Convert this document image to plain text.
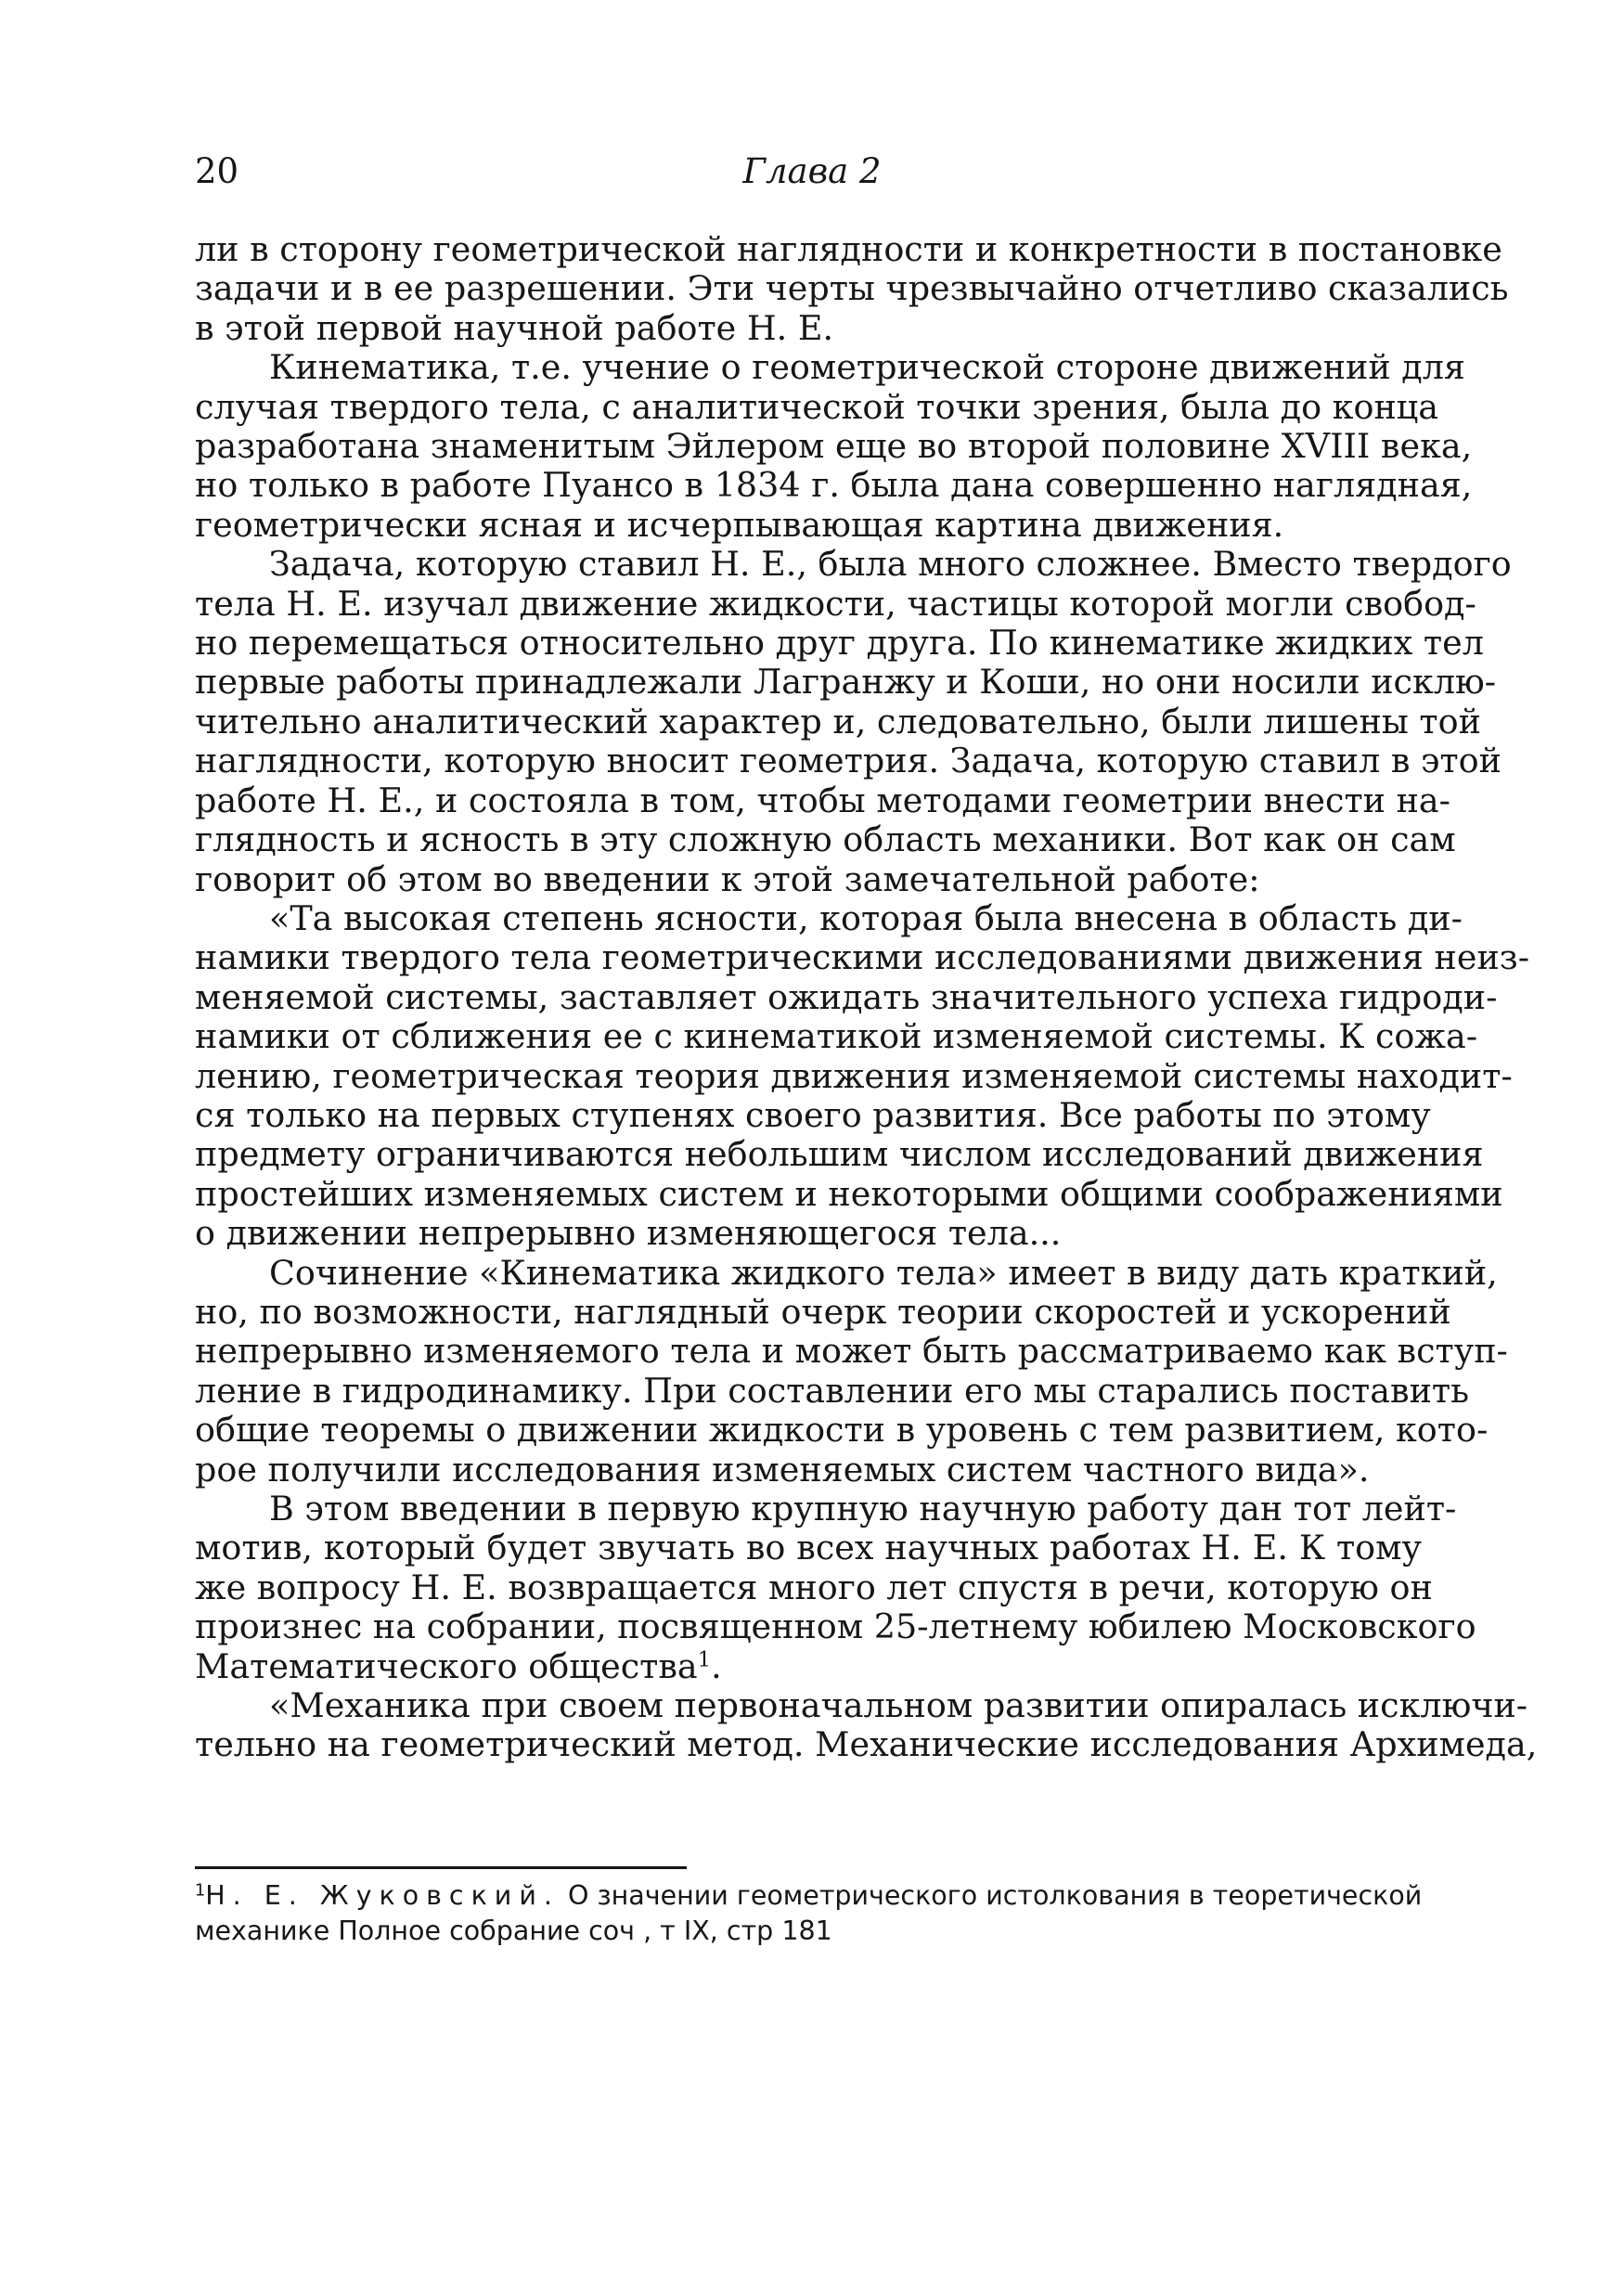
20	Глава 2

ли в сторону геометрической наглядности и конкретности в постановке
задачи и в ее разрешении. Эти черты чрезвычайно отчетливо сказались
в этой первой научной работе Н. Е.

Кинематика, т.е. учение о геометрической стороне движений для
случая твердого тела, с аналитической точки зрения, была до конца
разработана знаменитым Эйлером еще во второй половине XVIII века,
но только в работе Пуансо в 1834 г. была дана совершенно наглядная,
геометрически ясная и исчерпывающая картина движения.

Задача, которую ставил Н. Е., была много сложнее. Вместо твердого
тела Н. Е. изучал движение жидкости, частицы которой могли свобод-
но перемещаться относительно друг друга. По кинематике жидких тел
первые работы принадлежали Лагранжу и Коши, но они носили исклю-
чительно аналитический характер и, следовательно, были лишены той
наглядности, которую вносит геометрия. Задача, которую ставил в этой
работе Н. Е., и состояла в том, чтобы методами геометрии внести на-
глядность и ясность в эту сложную область механики. Вот как он сам
говорит об этом во введении к этой замечательной работе:

«Та высокая степень ясности, которая была внесена в область ди-
намики твердого тела геометрическими исследованиями движения неиз-
меняемой системы, заставляет ожидать значительного успеха гидроди-
намики от сближения ее с кинематикой изменяемой системы. К сожа-
лению, геометрическая теория движения изменяемой системы находит-
ся только на первых ступенях своего развития. Все работы по этому
предмету ограничиваются небольшим числом исследований движения
простейших изменяемых систем и некоторыми общими соображениями
о движении непрерывно изменяющегося тела...

Сочинение «Кинематика жидкого тела» имеет в виду дать краткий,
но, по возможности, наглядный очерк теории скоростей и ускорений
непрерывно изменяемого тела и может быть рассматриваемо как вступ-
ление в гидродинамику. При составлении его мы старались поставить
общие теоремы о движении жидкости в уровень с тем развитием, кото-
рое получили исследования изменяемых систем частного вида».

В этом введении в первую крупную научную работу дан тот лейт-
мотив, который будет звучать во всех научных работах Н. Е. К тому
же вопросу Н. Е. возвращается много лет спустя в речи, которую он
произнес на собрании, посвященном 25-летнему юбилею Московского
Математического общества$^1$.

«Механика при своем первоначальном развитии опиралась исключи-
тельно на геометрический метод. Механические исследования Архимеда,

$^1$Н. Е. Жуковский. О значении геометрического истолкования в теоретической
механике Полное собрание соч , т IX, стр 181
